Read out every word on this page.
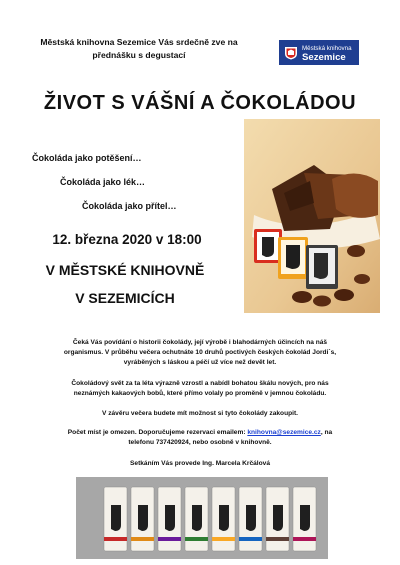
Městská knihovna Sezemice Vás srdečně zve na
přednášku s degustací
Městská knihovna
Sezemice
ŽIVOT S VÁŠNÍ A ČOKOLÁDOU
Čokoláda jako potěšení…
Čokoláda jako lék…
Čokoláda jako přítel…
12. března 2020 v 18:00
V MĚSTSKÉ KNIHOVNĚ
V SEZEMICÍCH
Čeká Vás povídání o historii čokolády, její výrobě i blahodárných účincích na náš
organismus. V průběhu večera ochutnáte 10 druhů poctivých českých čokolád Jordi´s,
vyráběných s láskou a péčí už více než devět let.
Čokoládový svět za ta léta výrazně vzrostl a nabídl bohatou škálu nových, pro nás
neznámých kakaových bobů, které přímo volaly po proměně v jemnou čokoládu.
V závěru večera budete mít možnost si tyto čokolády zakoupit.
Počet míst je omezen. Doporučujeme rezervaci emailem: knihovna@sezemice.cz, na
telefonu 737420924, nebo osobně v knihovně.
Setkáním Vás provede Ing. Marcela Krčálová
